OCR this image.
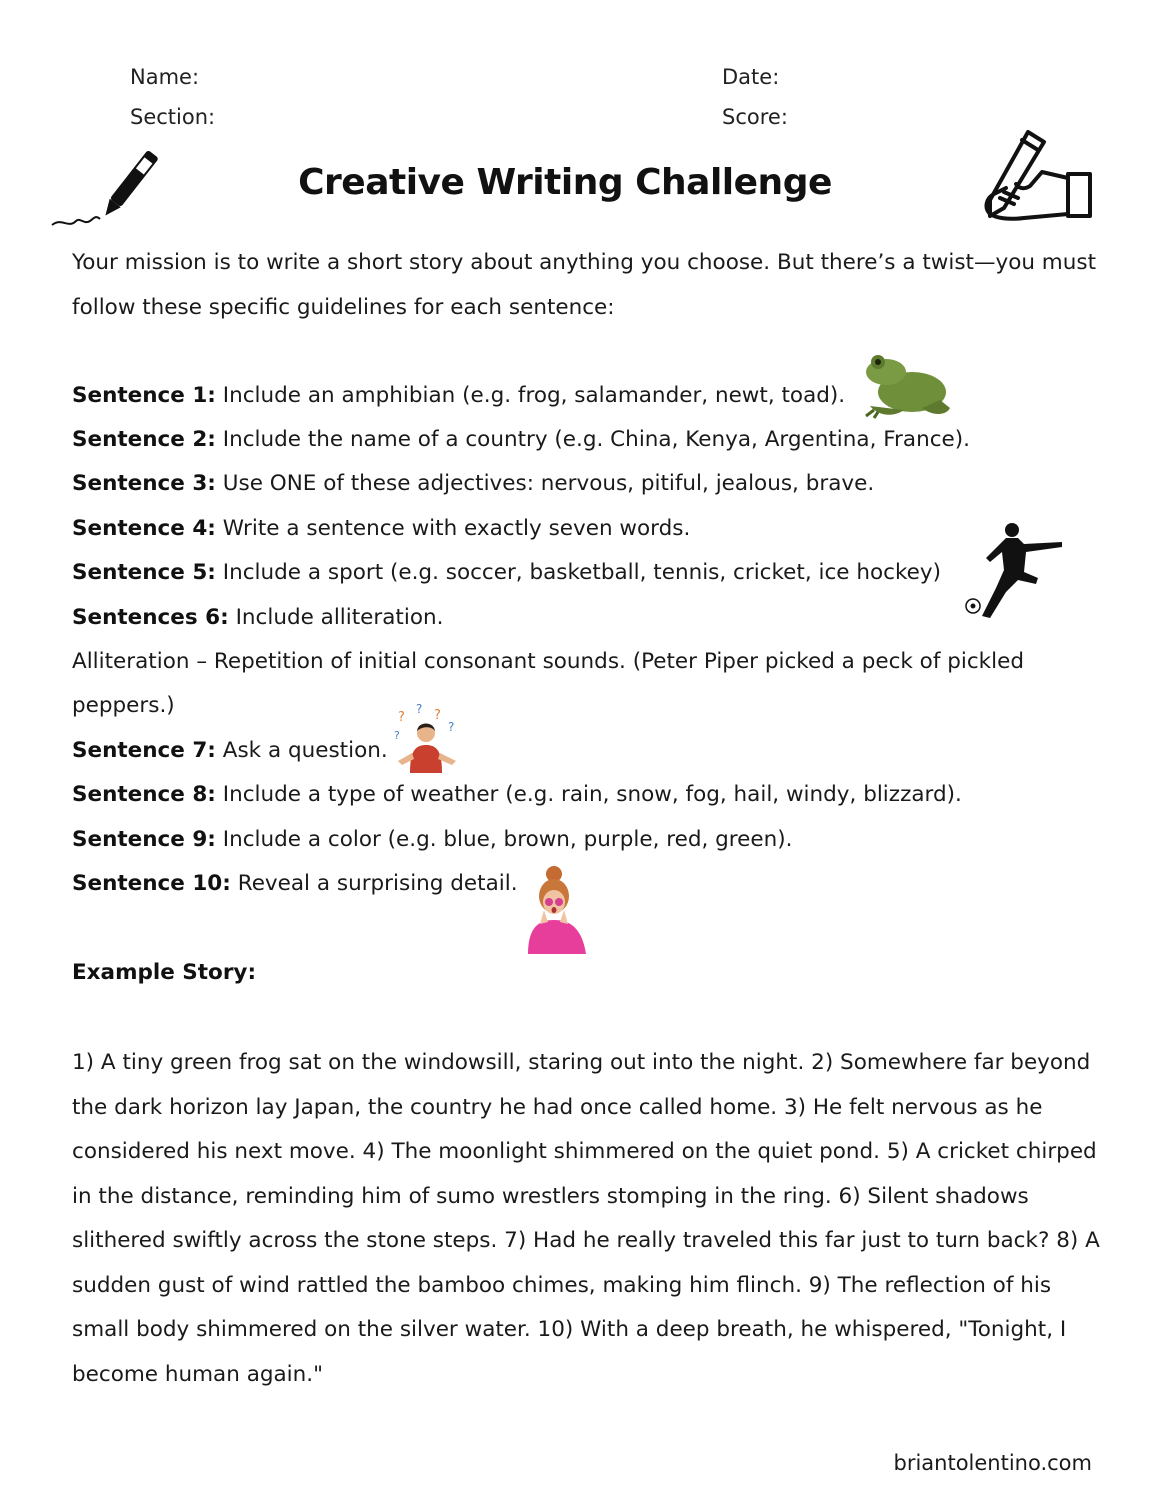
Name:	Date:
Section:	Score:
Creative Writing Challenge
Your mission is to write a short story about anything you choose. But there’s a twist—you must follow these specific guidelines for each sentence:
Sentence 1: Include an amphibian (e.g. frog, salamander, newt, toad).
Sentence 2: Include the name of a country (e.g. China, Kenya, Argentina, France).
Sentence 3: Use ONE of these adjectives: nervous, pitiful, jealous, brave.
Sentence 4: Write a sentence with exactly seven words.
Sentence 5: Include a sport (e.g. soccer, basketball, tennis, cricket, ice hockey)
Sentences 6: Include alliteration.
Alliteration – Repetition of initial consonant sounds. (Peter Piper picked a peck of pickled
peppers.)
Sentence 7: Ask a question.
Sentence 8: Include a type of weather (e.g. rain, snow, fog, hail, windy, blizzard).
Sentence 9: Include a color (e.g. blue, brown, purple, red, green).
Sentence 10: Reveal a surprising detail.
?
? ?
?
?
Example Story:
1) A tiny green frog sat on the windowsill, staring out into the night. 2) Somewhere far beyond the dark horizon lay Japan, the country he had once called home. 3) He felt nervous as he considered his next move. 4) The moonlight shimmered on the quiet pond. 5) A cricket chirped in the distance, reminding him of sumo wrestlers stomping in the ring. 6) Silent shadows slithered swiftly across the stone steps. 7) Had he really traveled this far just to turn back? 8) A sudden gust of wind rattled the bamboo chimes, making him flinch. 9) The reflection of his small body shimmered on the silver water. 10) With a deep breath, he whispered, "Tonight, I become human again."
briantolentino.com
